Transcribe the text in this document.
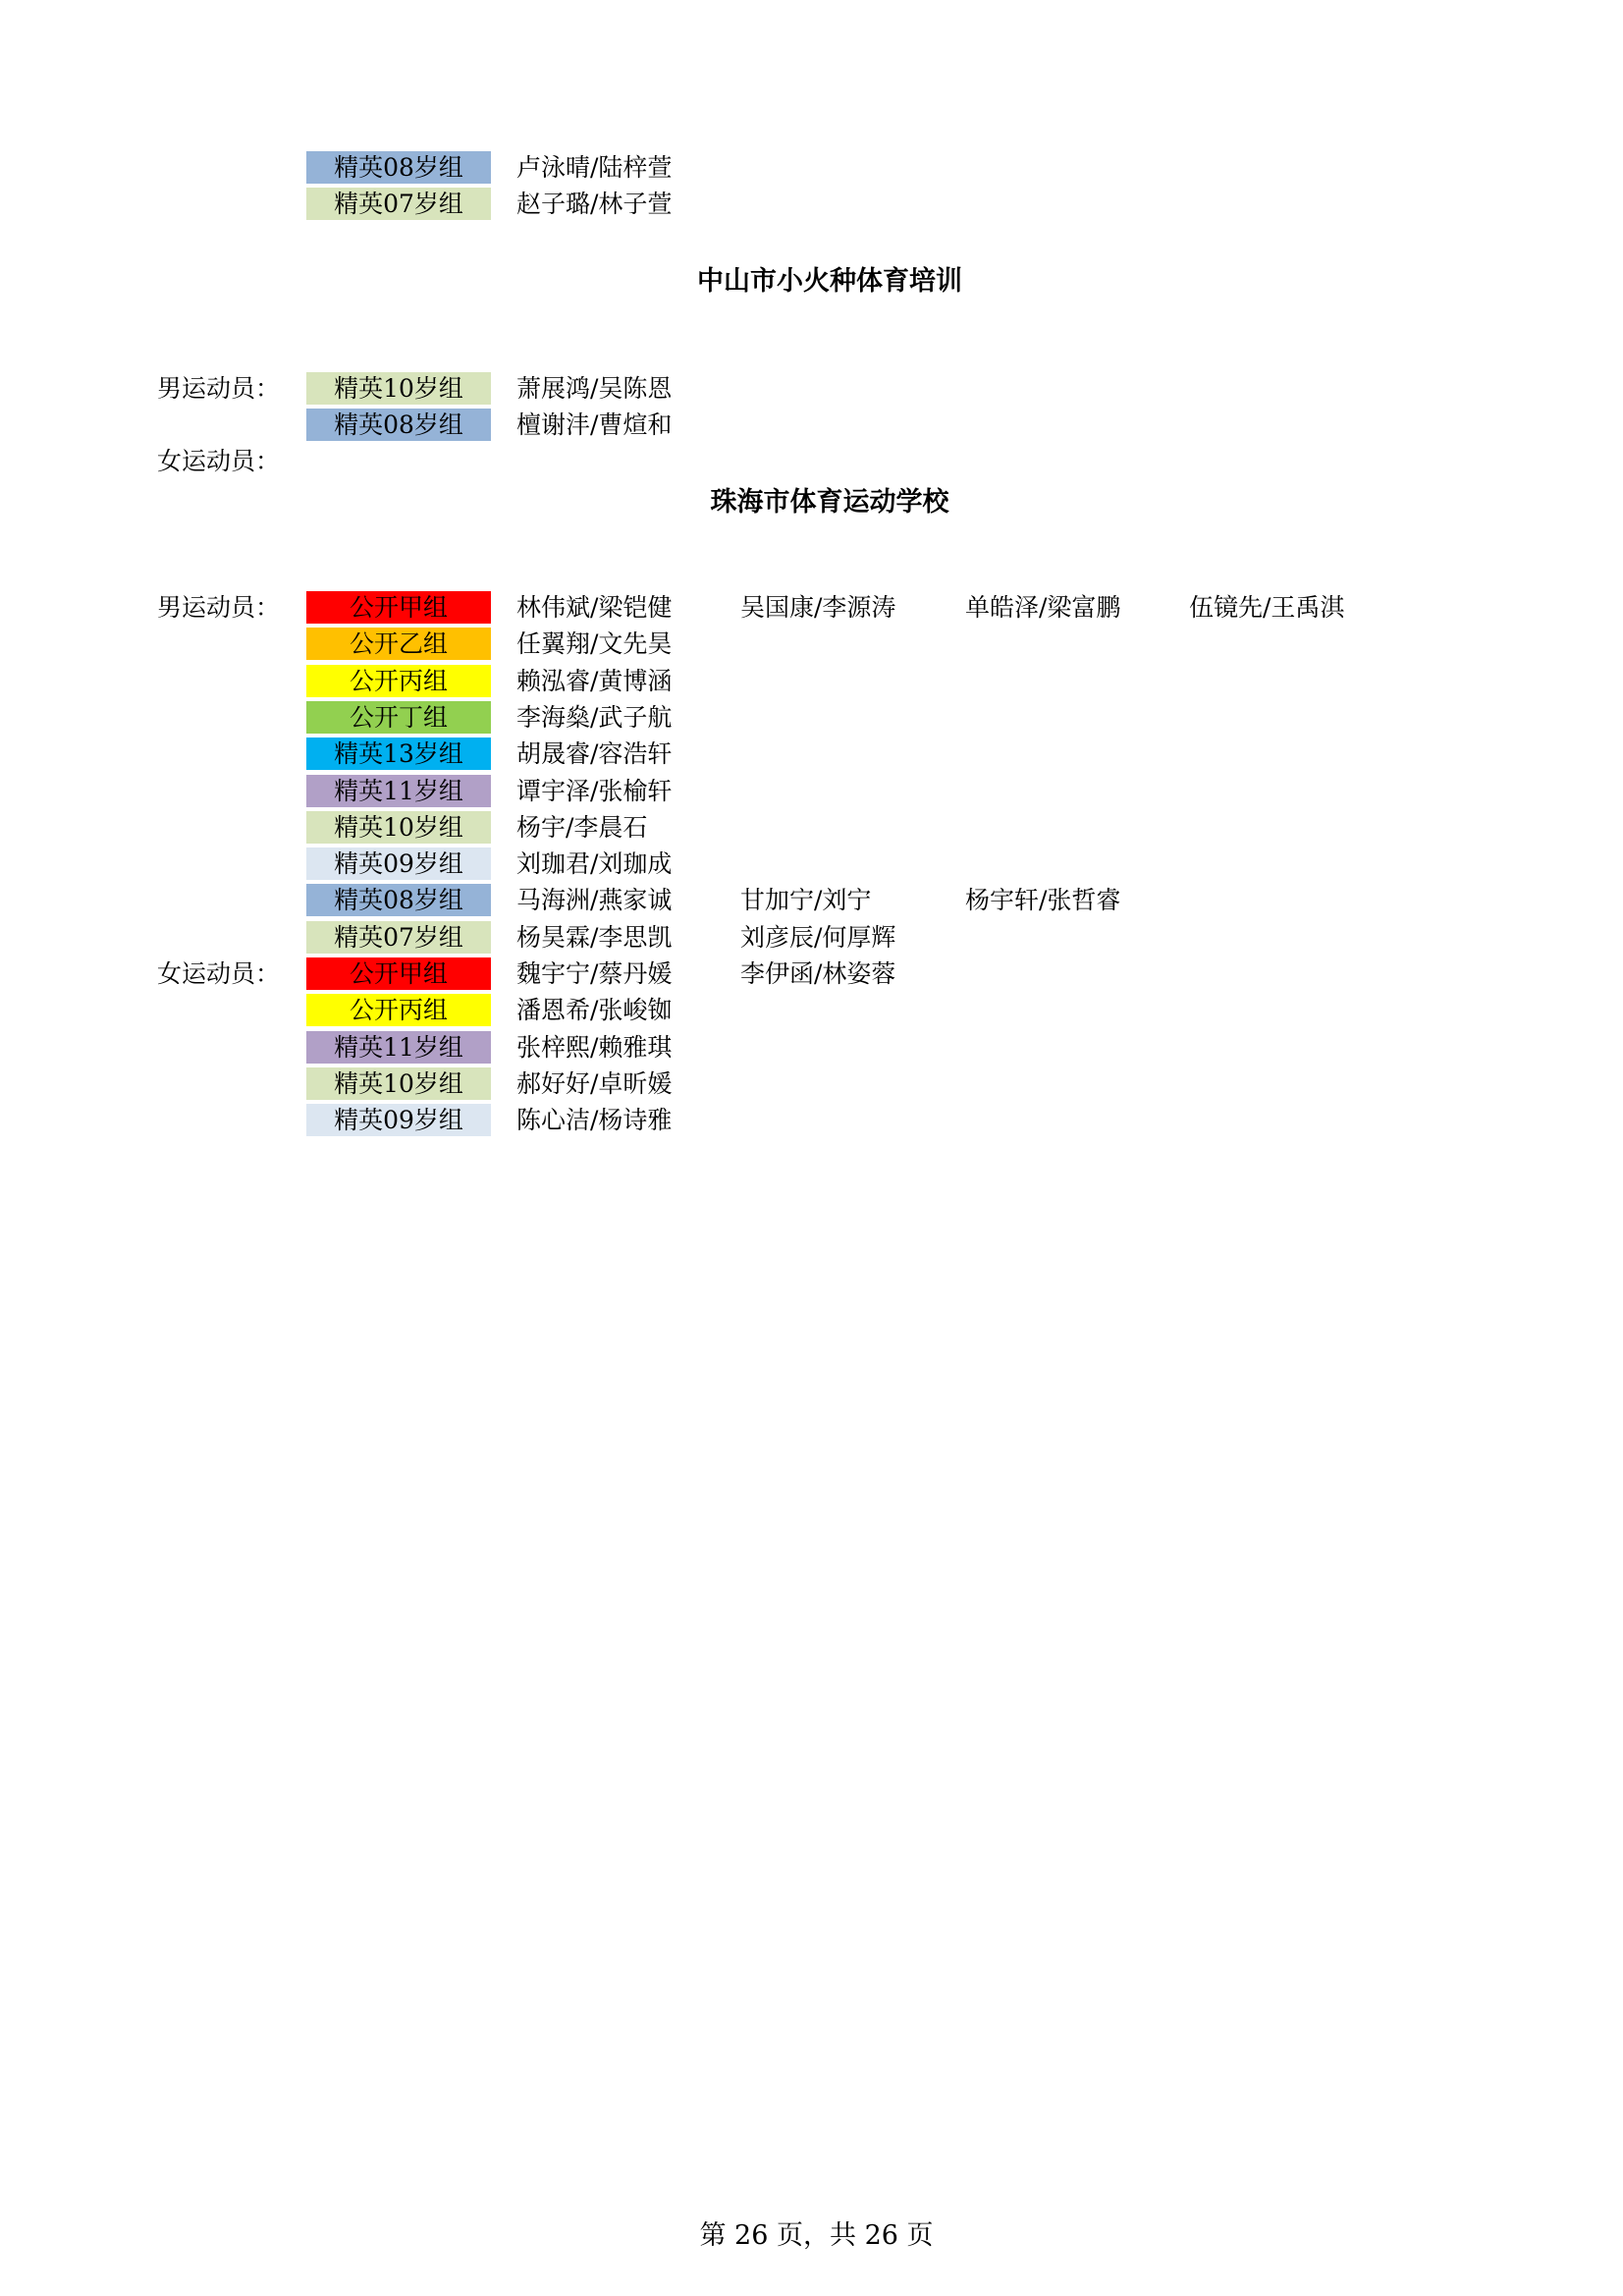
精英08岁组	卢泳晴/陆梓萱
精英07岁组	赵子璐/林子萱
中山市小火种体育培训
男运动员：	精英10岁组	萧展鸿/吴陈恩
精英08岁组	檀谢沣/曹煊和
女运动员：
珠海市体育运动学校
男运动员：	公开甲组	林伟斌/梁铠健	吴国康/李源涛	单皓泽/梁富鹏	伍镜先/王禹淇
公开乙组	任翼翔/文先昊
公开丙组	赖泓睿/黄博涵
公开丁组	李海燊/武子航
精英13岁组	胡晟睿/容浩轩
精英11岁组	谭宇泽/张榆轩
精英10岁组	杨宇/李晨石
精英09岁组	刘珈君/刘珈成
精英08岁组	马海洲/燕家诚	甘加宁/刘宁	杨宇轩/张哲睿
精英07岁组	杨昊霖/李思凯	刘彦辰/何厚辉
女运动员：	公开甲组	魏宇宁/蔡丹媛	李伊函/林姿蓉
公开丙组	潘恩希/张峻铷
精英11岁组	张梓熙/赖雅琪
精英10岁组	郝好好/卓昕媛
精英09岁组	陈心洁/杨诗雅
第 26 页，共 26 页
